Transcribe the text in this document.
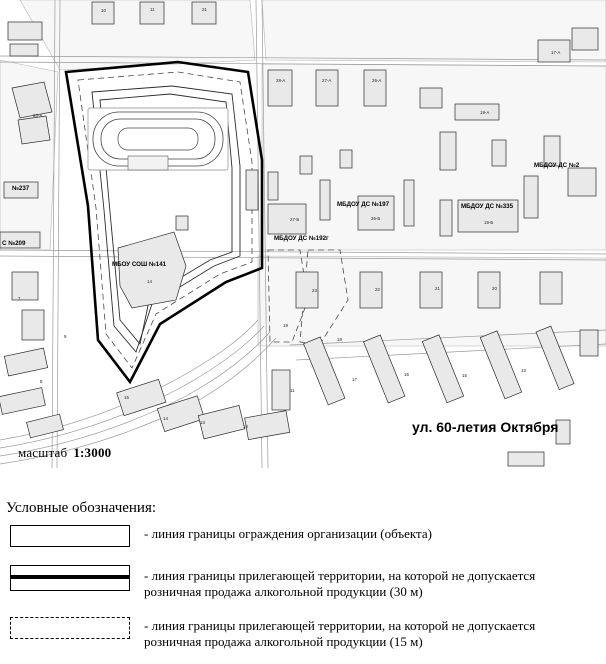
ул. 60-летия Октября
МБОУ СОШ №141
МБДОУ ДС №192г
МБДОУ ДС №197	МБДОУ ДС №335
МБДОУ ДС №2
№237
С №209
10	11	21
28-A	27-A	26-A
19-A
17-A
23-A
27-Б	26-Б
19-Б
14
23	22	21	20
19
18
17
16	15
13
15
14
13
12
11
9
8
7
масштаб 1:3000
Условные обозначения:
- линия границы ограждения организации (объекта)
- линия границы прилегающей территории, на которой не допускается розничная продажа алкогольной продукции (30 м)
- линия границы прилегающей территории, на которой не допускается розничная продажа алкогольной продукции (15 м)
